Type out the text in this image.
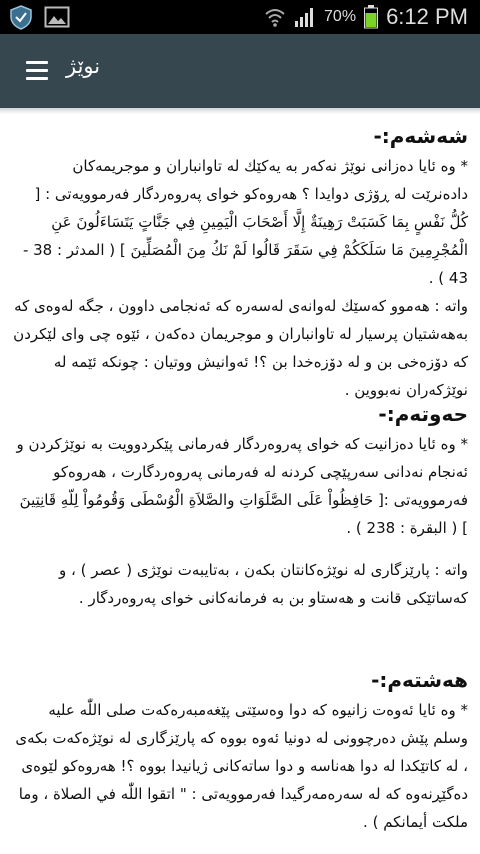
70% 6:12 PM
نوێژ

شەشەم:-

* وە ئایا دەزانی نوێژ نەکەر بە یەکێك لە تاوانباران و موجریمەکان دادەنرێت لە ڕۆژی دوایدا ؟ هەروەکو خوای پەروەردگار فەرموویەتی : [ كُلُّ نَفْسٍ بِمَا كَسَبَتْ رَهِينَةٌ إِلَّا أَصْحَابَ الْيَمِينِ فِي جَنَّاتٍ يَتَسَاءَلُونَ عَنِ الْمُجْرِمِينَ مَا سَلَكَكُمْ فِي سَقَرَ قَالُوا لَمْ نَكُ مِنَ الْمُصَلِّينَ ] ( المدثر : 38 - 43 ) .

واتە : هەموو کەسێك لەوانەی لەسەرە کە ئەنجامی داوون ، جگە لەوەی کە بەهەشتیان پرسیار لە تاوانباران و موجریمان دەکەن ، ئێوە چی وای لێکردن کە دۆزەخی بن و لە دۆزەخدا بن ؟! ئەوانیش ووتیان : چونکە ئێمە لە نوێژکەران نەبووین .

حەوتەم:-

* وە ئایا دەزانیت کە خوای پەروەردگار فەرمانی پێکردوویت بە نوێژکردن و ئەنجام نەدانی سەرپێچی کردنە لە فەرمانی پەروەردگارت ، هەروەکو فەرموویەتی :[ حَافِظُواْ عَلَى الصَّلَوَاتِ والصَّلاَةِ الْوُسْطَى وَقُومُواْ لِلّهِ قَانِتِينَ ] ( البقرة : 238 ) .

واتە : پارێزگاری لە نوێژەکانتان بکەن ، بەتایبەت نوێژی ( عصر ) ، و کەساتێکی قانت و هەستاو بن بە فرمانەکانی خوای پەروەردگار .

هەشتەم:-

* وە ئایا ئەوەت زانیوە کە دوا وەسێتی پێغەمبەرەکەت صلی اللّٰه علیه وسلم پێش دەرچوونی لە دونیا ئەوە بووە کە پارێزگاری لە نوێژەکەت بکەی ، لە کاتێکدا لە دوا هەناسە و دوا ساتەکانی ژیانیدا بووە ؟! هەروەکو لێوەی دەگێڕنەوە کە لە سەرەمەرگیدا فەرموویەتی : " اتقوا اللّٰه في الصلاة ، وما ملكت أيمانكم ) .
